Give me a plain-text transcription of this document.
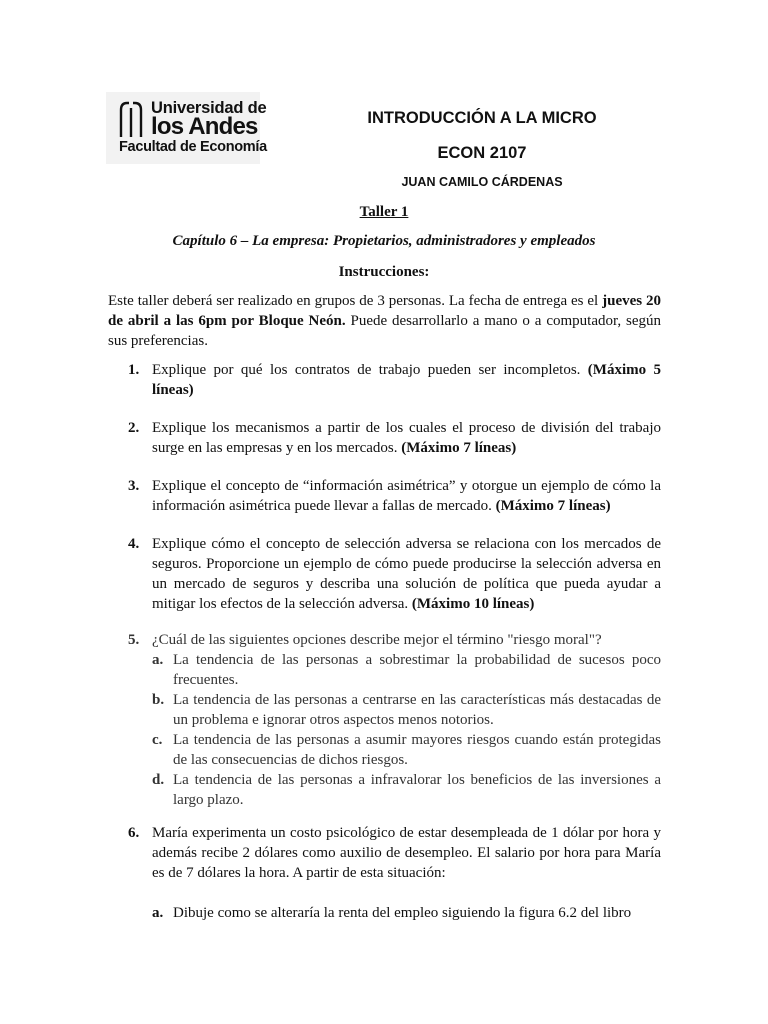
Universidad de
los Andes
Facultad de Economía
INTRODUCCIÓN A LA MICRO
ECON 2107
JUAN CAMILO CÁRDENAS
Taller 1
Capítulo 6 – La empresa: Propietarios, administradores y empleados
Instrucciones:

Este taller deberá ser realizado en grupos de 3 personas. La fecha de entrega es el jueves 20 de abril a las 6pm por Bloque Neón. Puede desarrollarlo a mano o a computador, según sus preferencias.

1. Explique por qué los contratos de trabajo pueden ser incompletos. (Máximo 5 líneas)
2. Explique los mecanismos a partir de los cuales el proceso de división del trabajo surge en las empresas y en los mercados. (Máximo 7 líneas)
3. Explique el concepto de “información asimétrica” y otorgue un ejemplo de cómo la información asimétrica puede llevar a fallas de mercado. (Máximo 7 líneas)
4. Explique cómo el concepto de selección adversa se relaciona con los mercados de seguros. Proporcione un ejemplo de cómo puede producirse la selección adversa en un mercado de seguros y describa una solución de política que pueda ayudar a mitigar los efectos de la selección adversa. (Máximo 10 líneas)
5. ¿Cuál de las siguientes opciones describe mejor el término "riesgo moral"?
a. La tendencia de las personas a sobrestimar la probabilidad de sucesos poco frecuentes.
b. La tendencia de las personas a centrarse en las características más destacadas de un problema e ignorar otros aspectos menos notorios.
c. La tendencia de las personas a asumir mayores riesgos cuando están protegidas de las consecuencias de dichos riesgos.
d. La tendencia de las personas a infravalorar los beneficios de las inversiones a largo plazo.
6. María experimenta un costo psicológico de estar desempleada de 1 dólar por hora y además recibe 2 dólares como auxilio de desempleo. El salario por hora para María es de 7 dólares la hora. A partir de esta situación:
a. Dibuje como se alteraría la renta del empleo siguiendo la figura 6.2 del libro
